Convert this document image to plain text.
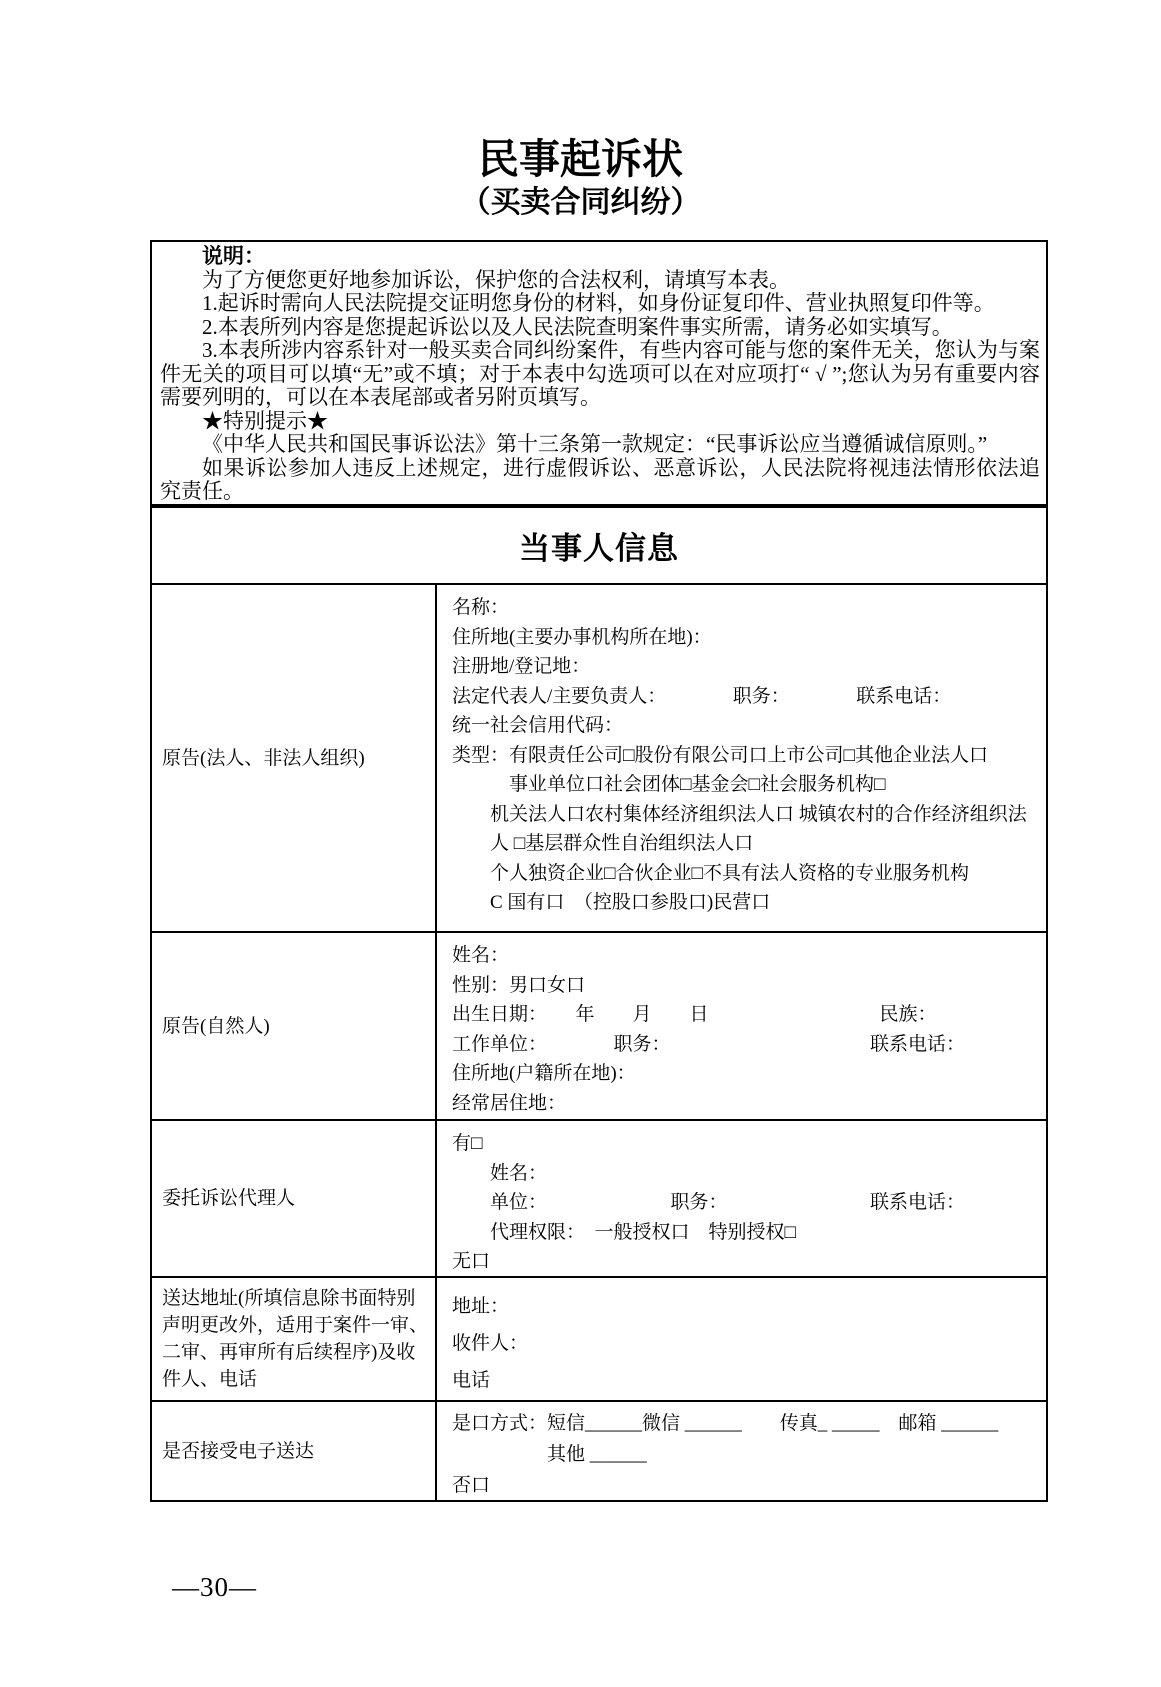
民事起诉状
（买卖合同纠纷）

说明：

为了方便您更好地参加诉讼，保护您的合法权利，请填写本表。

1.起诉时需向人民法院提交证明您身份的材料，如身份证复印件、营业执照复印件等。

2.本表所列内容是您提起诉讼以及人民法院查明案件事实所需，请务必如实填写。

3.本表所涉内容系针对一般买卖合同纠纷案件，有些内容可能与您的案件无关，您认为与案件无关的项目可以填“无”或不填；对于本表中勾选项可以在对应项打“ √ ”;您认为另有重要内容需要列明的，可以在本表尾部或者另附页填写。

★特别提示★

《中华人民共和国民事诉讼法》第十三条第一款规定：“民事诉讼应当遵循诚信原则。”

如果诉讼参加人违反上述规定，进行虚假诉讼、恶意诉讼，人民法院将视违法情形依法追究责任。

当事人信息
原告(法人、非法人组织)
名称：
住所地(主要办事机构所在地)：
注册地/登记地：
法定代表人/主要负责人：　　　　职务：　　　　联系电话：
统一社会信用代码：
类型：有限责任公司□股份有限公司口上市公司□其他企业法人口
　　　事业单位口社会团体□基金会□社会服务机构□
　　机关法人口农村集体经济组织法人口 城镇农村的合作经济组织法
　　人 □基层群众性自治组织法人口
　　个人独资企业□合伙企业□不具有法人资格的专业服务机构
　　C 国有口　（控股口参股口)民营口
原告(自然人)
姓名：
性别：男口女口
出生日期：　　年　　月　　日　　　　　　　　　民族：
工作单位：　　　　职务：　　　　　　　　　　　联系电话：
住所地(户籍所在地)：
经常居住地：
委托诉讼代理人
有□
　　姓名：
　　单位：　　　　　　　职务：　　　　　　　　联系电话：
　　代理权限：　一般授权口　特别授权□
无口
送达地址(所填信息除书面特别声明更改外，适用于案件一审、二审、再审所有后续程序)及收件人、电话
地址：
收件人：
电话
是否接受电子送达
是口方式：短信______微信 ______　　传真_ _____　邮箱 ______
　　　　　其他 ______
否口
—30—
